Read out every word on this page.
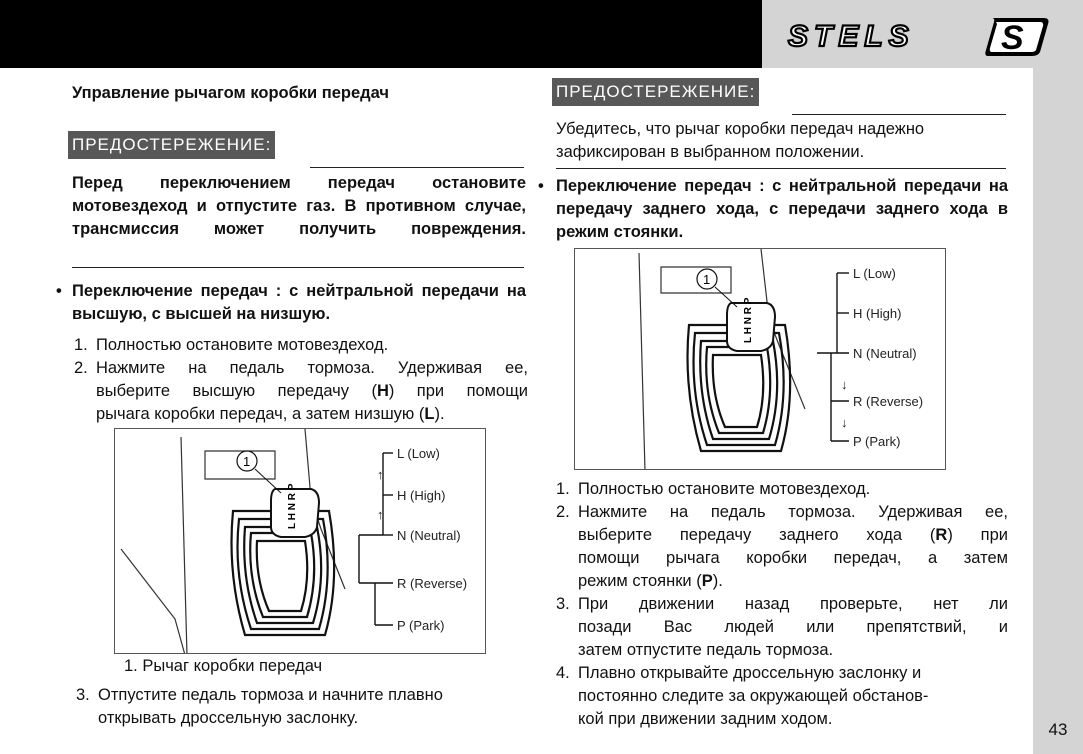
STELS	S
43
Управление рычагом коробки передач
ПРЕДОСТЕРЕЖЕНИЕ:
Перед переключением передач остановите мотовездеход и отпустите газ. В противном случае, трансмиссия может получить повреждения.
• Переключение передач : с нейтральной передачи на высшую, с высшей на низшую.
1. Полностью остановите мотовездеход.
2. Нажмите на педаль тормоза. Удерживая ее,
выберите высшую передачу (H) при помощи
рычага коробки передач, а затем низшую (L).
L H N R P
1
↑
↑
L (Low)
H (High)
N (Neutral)
R (Reverse)
P (Park)
1. Рычаг коробки передач
3. Отпустите педаль тормоза и начните плавно
открывать дроссельную заслонку.
ПРЕДОСТЕРЕЖЕНИЕ:
Убедитесь, что рычаг коробки передач надежно
зафиксирован в выбранном положении.
• Переключение передач : с нейтральной передачи на передачу заднего хода, с передачи заднего хода в режим стоянки.
L H N R P
1
↓
↓
L (Low)
H (High)
N (Neutral)
R (Reverse)
P (Park)
1. Полностью остановите мотовездеход.
2. Нажмите на педаль тормоза. Удерживая ее,
выберите передачу заднего хода (R) при
помощи рычага коробки передач, а затем
режим стоянки (P).
3. При движении назад проверьте, нет ли
позади Вас людей или препятствий, и
затем отпустите педаль тормоза.
4. Плавно открывайте дроссельную заслонку и
постоянно следите за окружающей обстанов-
кой при движении задним ходом.
